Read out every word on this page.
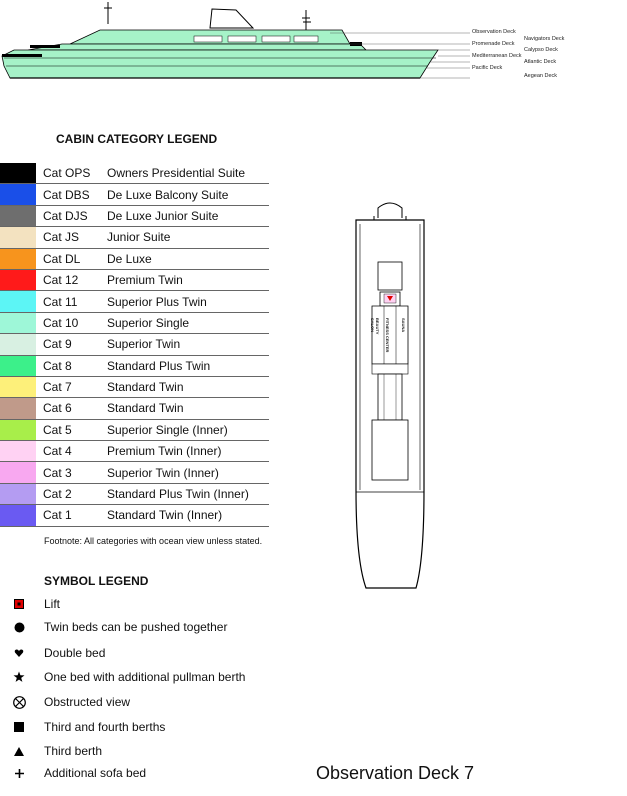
Observation Deck
Navigators Deck
Promenade Deck
Calypso Deck
Mediterranean Deck
Atlantic Deck
Pacific Deck
Aegean Deck
CABIN CATEGORY LEGEND
Cat OPS	Owners Presidential Suite
Cat DBS	De Luxe Balcony Suite
Cat DJS	De Luxe Junior Suite
Cat JS	Junior Suite
Cat DL	De Luxe
Cat 12	Premium Twin
Cat 11	Superior Plus Twin
Cat 10	Superior Single
Cat 9	Superior Twin
Cat 8	Standard Plus Twin
Cat 7	Standard Twin
Cat 6	Standard Twin
Cat 5	Superior Single (Inner)
Cat 4	Premium Twin (Inner)
Cat 3	Superior Twin (Inner)
Cat 2	Standard Plus Twin (Inner)
Cat 1	Standard Twin (Inner)
Footnote: All categories with ocean view unless stated.
SYMBOL LEGEND
BEAUTY SALON	FITNESS CENTER	SAUNA
Observation Deck 7
Lift
Twin beds can be pushed together
Double bed
One bed with additional pullman berth
Obstructed view
Third and fourth berths
Third berth
Additional sofa bed
